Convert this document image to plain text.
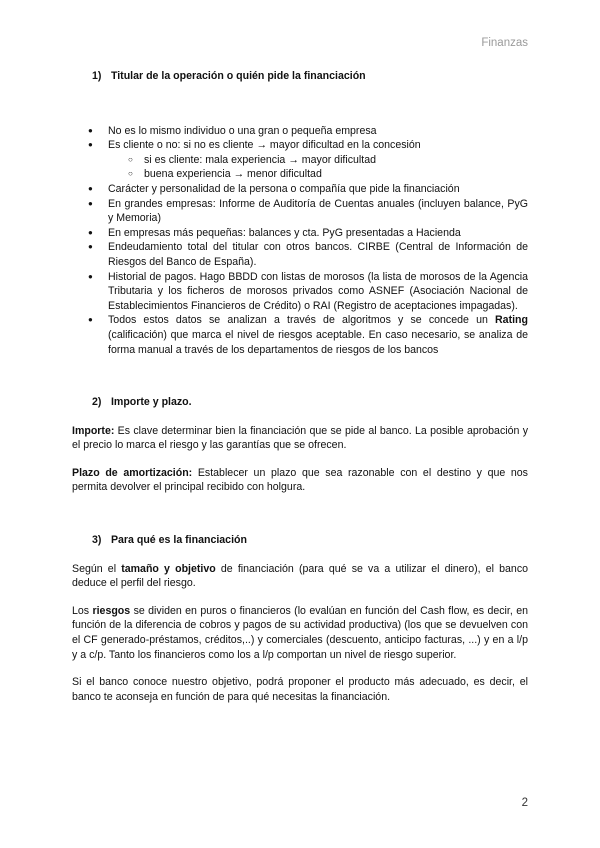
Finanzas
1) Titular de la operación o quién pide la financiación
● No es lo mismo individuo o una gran o pequeña empresa
● Es cliente o no: si no es cliente → mayor dificultad en la concesión
○ si es cliente: mala experiencia → mayor dificultad
○ buena experiencia → menor dificultad
● Carácter y personalidad de la persona o compañía que pide la financiación
● En grandes empresas: Informe de Auditoría de Cuentas anuales (incluyen balance, PyG y Memoria)
● En empresas más pequeñas: balances y cta. PyG presentadas a Hacienda
● Endeudamiento total del titular con otros bancos. CIRBE (Central de Información de Riesgos del Banco de España).
● Historial de pagos. Hago BBDD con listas de morosos (la lista de morosos de la Agencia Tributaria y los ficheros de morosos privados como ASNEF (Asociación Nacional de Establecimientos Financieros de Crédito) o RAI (Registro de aceptaciones impagadas).
● Todos estos datos se analizan a través de algoritmos y se concede un Rating (calificación) que marca el nivel de riesgos aceptable. En caso necesario, se analiza de forma manual a través de los departamentos de riesgos de los bancos
2) Importe y plazo.

Importe: Es clave determinar bien la financiación que se pide al banco. La posible aprobación y el precio lo marca el riesgo y las garantías que se ofrecen.

Plazo de amortización: Establecer un plazo que sea razonable con el destino y que nos permita devolver el principal recibido con holgura.

3) Para qué es la financiación

Según el tamaño y objetivo de financiación (para qué se va a utilizar el dinero), el banco deduce el perfil del riesgo.

Los riesgos se dividen en puros o financieros (lo evalúan en función del Cash flow, es decir, en función de la diferencia de cobros y pagos de su actividad productiva) (los que se devuelven con el CF generado-préstamos, créditos,..) y comerciales (descuento, anticipo facturas, ...) y en a l/p y a c/p. Tanto los financieros como los a l/p comportan un nivel de riesgo superior.

Si el banco conoce nuestro objetivo, podrá proponer el producto más adecuado, es decir, el banco te aconseja en función de para qué necesitas la financiación.

2
